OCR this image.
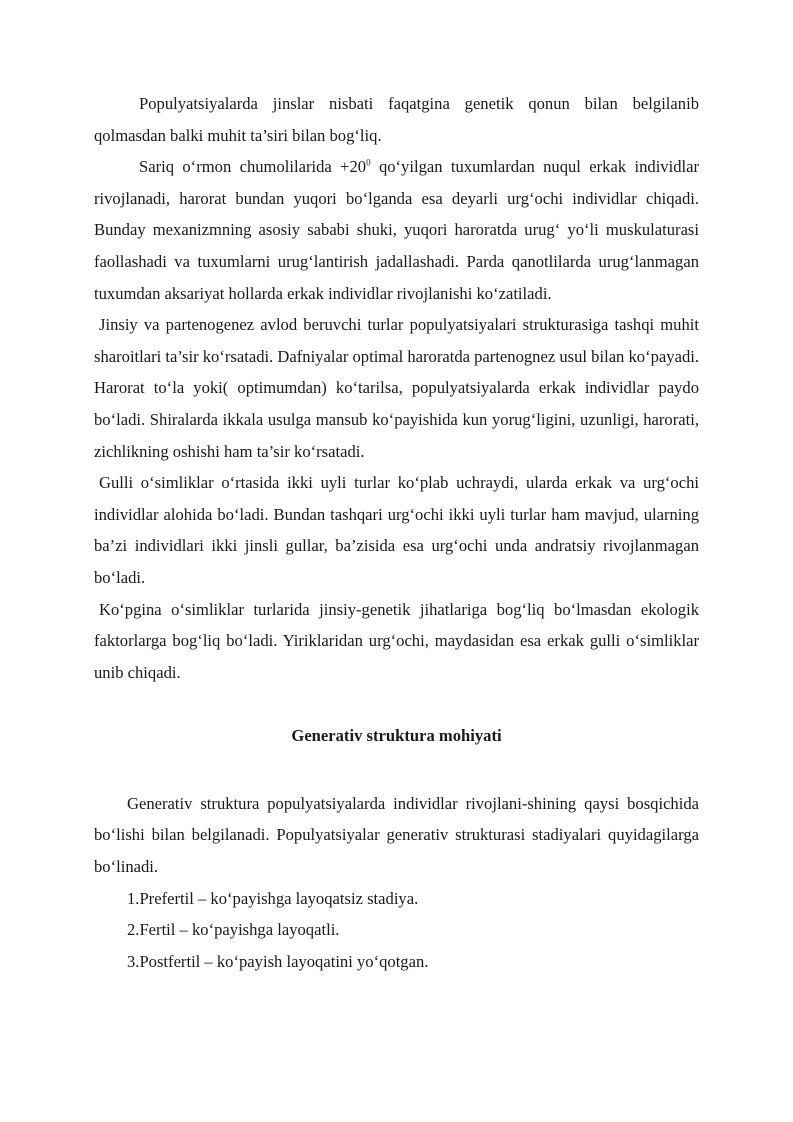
Populyatsiyalarda jinslar nisbati faqatgina genetik qonun bilan belgilanib qolmasdan balki muhit ta’siri bilan bog‘liq.

Sariq o‘rmon chumolilarida $+20^0$ qo‘yilgan tuxumlardan nuqul erkak individlar rivojlanadi, harorat bundan yuqori bo‘lganda esa deyarli urg‘ochi individlar chiqadi. Bunday mexanizmning asosiy sababi shuki, yuqori haroratda urug‘ yo‘li muskulaturasi faollashadi va tuxumlarni urug‘lantirish jadallashadi. Parda qanotlilarda urug‘lanmagan tuxumdan aksariyat hollarda erkak individlar rivojlanishi ko‘zatiladi.

Jinsiy va partenogenez avlod beruvchi turlar populyatsiyalari strukturasiga tashqi muhit sharoitlari ta’sir ko‘rsatadi. Dafniyalar optimal haroratda partenognez usul bilan ko‘payadi. Harorat to‘la yoki( optimumdan) ko‘tarilsa, populyatsiyalarda erkak individlar paydo bo‘ladi. Shiralarda ikkala usulga mansub ko‘payishida kun yorug‘ligini, uzunligi, harorati, zichlikning oshishi ham ta’sir ko‘rsatadi.

Gulli o‘simliklar o‘rtasida ikki uyli turlar ko‘plab uchraydi, ularda erkak va urg‘ochi individlar alohida bo‘ladi. Bundan tashqari urg‘ochi ikki uyli turlar ham mavjud, ularning ba’zi individlari ikki jinsli gullar, ba’zisida esa urg‘ochi unda andratsiy rivojlanmagan bo‘ladi.

Ko‘pgina o‘simliklar turlarida jinsiy-genetik jihatlariga bog‘liq bo‘lmasdan ekologik faktorlarga bog‘liq bo‘ladi. Yiriklaridan urg‘ochi, maydasidan esa erkak gulli o‘simliklar unib chiqadi.

Generativ struktura mohiyati

Generativ struktura populyatsiyalarda individlar rivojlani-shining qaysi bosqichida bo‘lishi bilan belgilanadi. Populyatsiyalar generativ strukturasi stadiyalari quyidagilarga bo‘linadi.

1.Prefertil – ko‘payishga layoqatsiz stadiya.

2.Fertil – ko‘payishga layoqatli.

3.Postfertil – ko‘payish layoqatini yo‘qotgan.
